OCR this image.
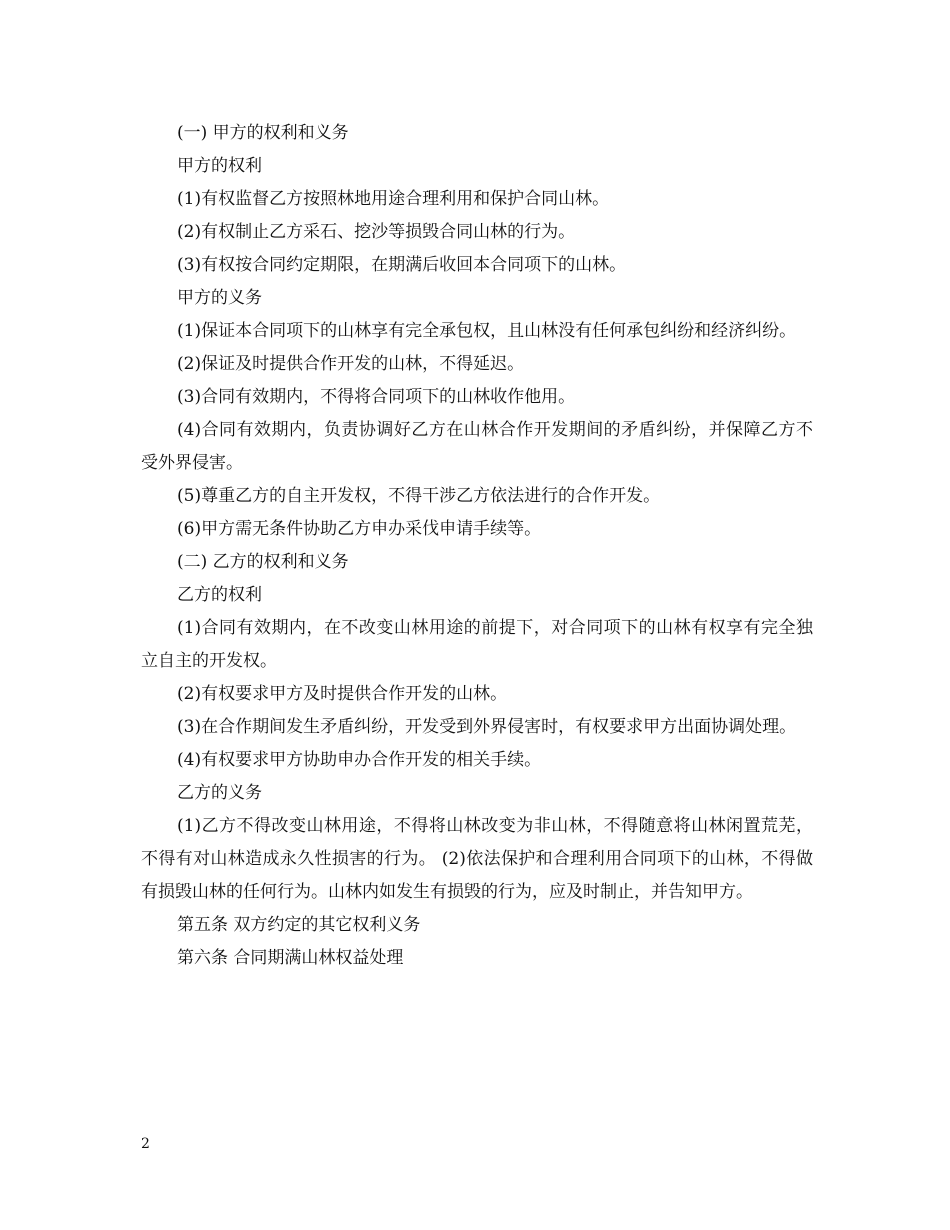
(一) 甲方的权利和义务

甲方的权利

(1)有权监督乙方按照林地用途合理利用和保护合同山林。

(2)有权制止乙方采石、挖沙等损毁合同山林的行为。

(3)有权按合同约定期限，在期满后收回本合同项下的山林。

甲方的义务

(1)保证本合同项下的山林享有完全承包权，且山林没有任何承包纠纷和经济纠纷。

(2)保证及时提供合作开发的山林，不得延迟。

(3)合同有效期内，不得将合同项下的山林收作他用。

(4)合同有效期内，负责协调好乙方在山林合作开发期间的矛盾纠纷，并保障乙方不受外界侵害。

(5)尊重乙方的自主开发权，不得干涉乙方依法进行的合作开发。

(6)甲方需无条件协助乙方申办采伐申请手续等。

(二) 乙方的权利和义务

乙方的权利

(1)合同有效期内，在不改变山林用途的前提下，对合同项下的山林有权享有完全独立自主的开发权。

(2)有权要求甲方及时提供合作开发的山林。

(3)在合作期间发生矛盾纠纷，开发受到外界侵害时，有权要求甲方出面协调处理。

(4)有权要求甲方协助申办合作开发的相关手续。

乙方的义务

(1)乙方不得改变山林用途，不得将山林改变为非山林，不得随意将山林闲置荒芜，不得有对山林造成永久性损害的行为。 (2)依法保护和合理利用合同项下的山林，不得做有损毁山林的任何行为。山林内如发生有损毁的行为，应及时制止，并告知甲方。

第五条 双方约定的其它权利义务

第六条 合同期满山林权益处理

2
